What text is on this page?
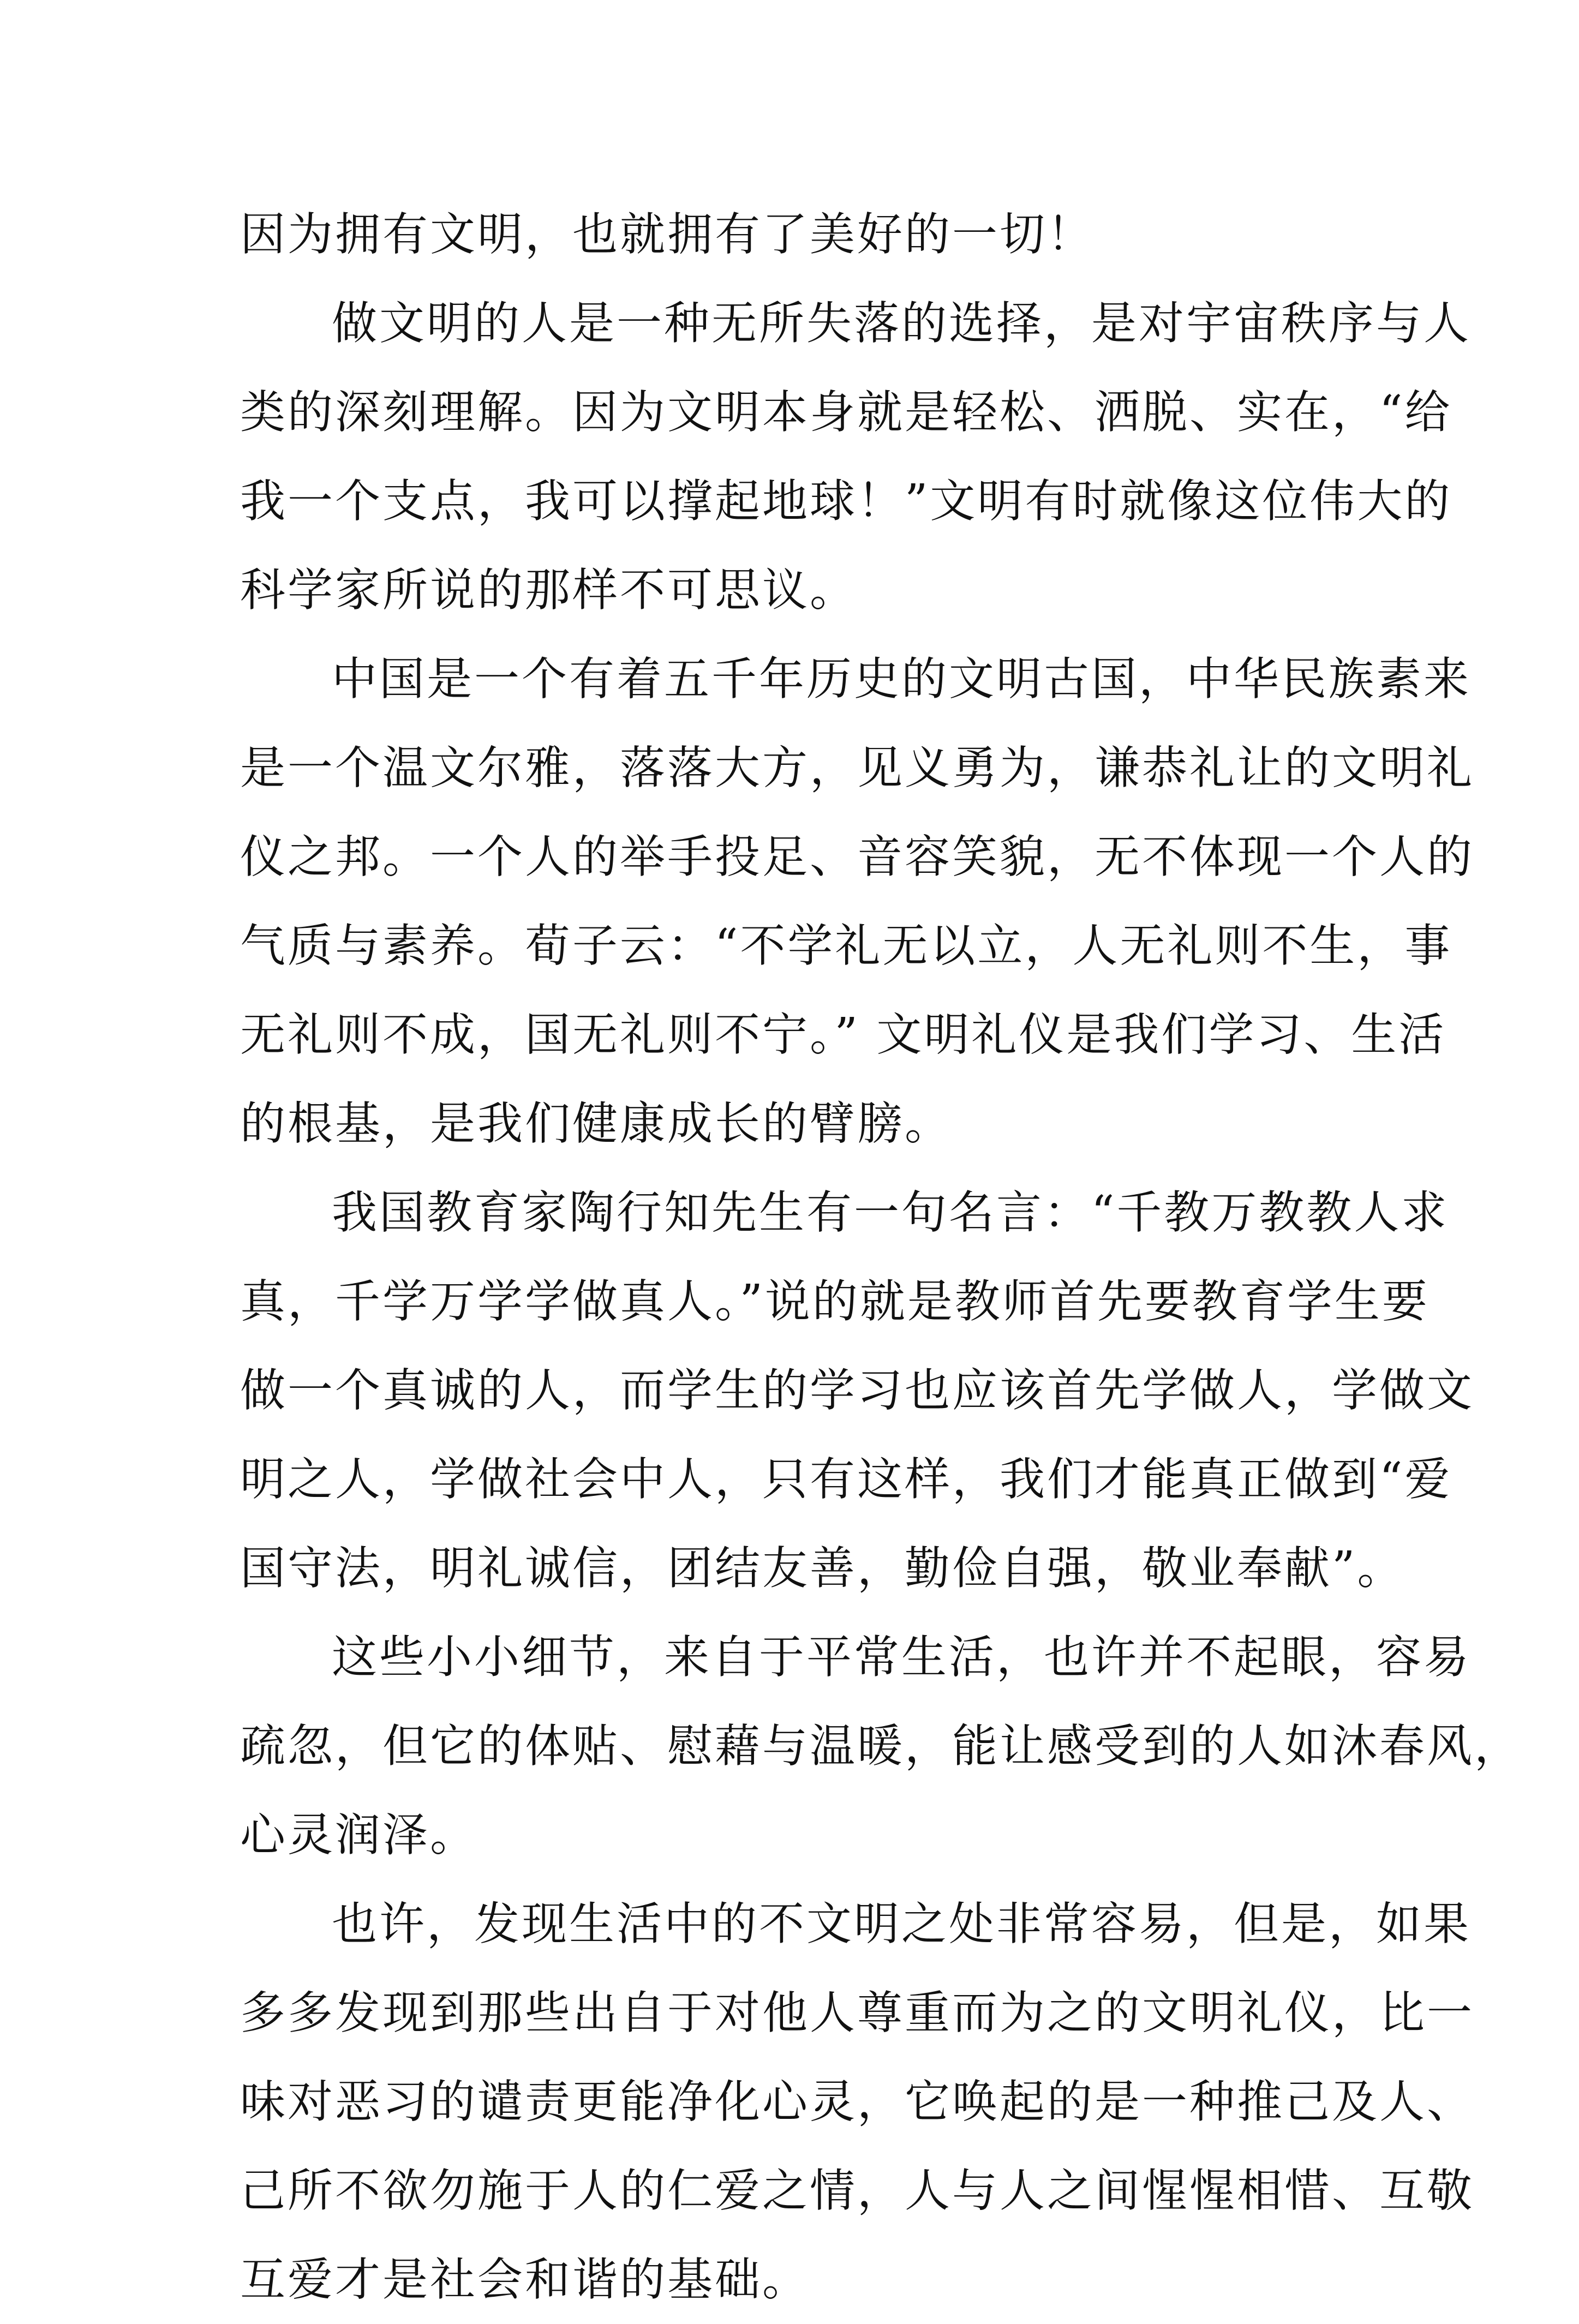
因为拥有文明，也就拥有了美好的一切！
做文明的人是一种无所失落的选择，是对宇宙秩序与人
类的深刻理解。因为文明本身就是轻松、洒脱、实在，“给
我一个支点，我可以撑起地球！”文明有时就像这位伟大的
科学家所说的那样不可思议。
中国是一个有着五千年历史的文明古国，中华民族素来
是一个温文尔雅，落落大方，见义勇为，谦恭礼让的文明礼
仪之邦。一个人的举手投足、音容笑貌，无不体现一个人的
气质与素养。荀子云：“不学礼无以立，人无礼则不生，事
无礼则不成，国无礼则不宁。” 文明礼仪是我们学习、生活
的根基，是我们健康成长的臂膀。
我国教育家陶行知先生有一句名言：“千教万教教人求
真，千学万学学做真人。”说的就是教师首先要教育学生要
做一个真诚的人，而学生的学习也应该首先学做人，学做文
明之人，学做社会中人，只有这样，我们才能真正做到“爱
国守法，明礼诚信，团结友善，勤俭自强，敬业奉献”。
这些小小细节，来自于平常生活，也许并不起眼，容易
疏忽，但它的体贴、慰藉与温暖，能让感受到的人如沐春风，
心灵润泽。
也许，发现生活中的不文明之处非常容易，但是，如果
多多发现到那些出自于对他人尊重而为之的文明礼仪，比一
味对恶习的谴责更能净化心灵，它唤起的是一种推己及人、
己所不欲勿施于人的仁爱之情，人与人之间惺惺相惜、互敬
互爱才是社会和谐的基础。
